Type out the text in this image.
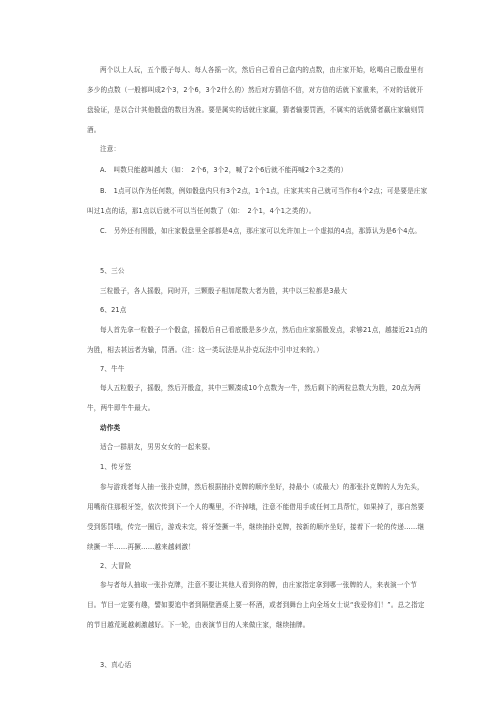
两个以上人玩，五个骰子每人、每人各摇一次，然后自己看自己盒内的点数，由庄家开始，吆喝自己骰盘里有多少的点数（一般都叫成2个3，2个6，3个2什么的）然后对方猜信不信，对方信的话就下家重来，不对的话就开盘验证，是以合计其他骰盘的数目为准。要是属实的话就庄家赢，猜者输要罚酒，不属实的话就猜者赢庄家输则罚酒。

注意：

A.　叫数只能越叫越大（如：　2个6，3个2，喊了2个6后就不能再喊2个3之类的）

B.　1点可以作为任何数，例如骰盘内只有3个2点，1个1点，庄家其实自己就可当作有4个2点；可是要是庄家叫过1点的话，那1点以后就不可以当任何数了（如：　2个1，4个1之类的）。

C.　另外还有围骰，如庄家骰盘里全部都是4点，那庄家可以允许加上一个虚拟的4点，那算认为是6个4点。

5、三公

三粒骰子，各人摇骰，同时开，三颗骰子相加尾数大者为胜，其中以三粒都是3最大

6、21点

每人首先拿一粒骰子一个骰盒，摇骰后自己看底骰是多少点，然后由庄家摇骰发点，求够21点，越接近21点的为胜，相去甚远者为输，罚酒。（注：这一类玩法是从扑克玩法中引申过来的。）

7、牛牛

每人五粒骰子，摇骰，然后开骰盒，其中三颗凑成10个点数为一牛，然后剩下的两粒总数大为胜，20点为两牛，两牛即牛牛最大。

动作类

适合一群朋友，男男女女的一起来耍。

1、传牙签

参与游戏者每人抽一张扑克牌，然后根据抽扑克牌的顺序坐好，持最小（或最大）的那张扑克牌的人为先头，用嘴衔住那根牙签，依次传到下一个人的嘴里，不许掉哦，注意不能借用手或任何工具帮忙，如果掉了，那自然要受到惩罚哦，传完一圈后，游戏未完，将牙签撅一半，继续抽扑克牌，按新的顺序坐好，接着下一轮的传递……继续撅一半……再撅……越来越刺激！

2、大冒险

参与者每人抽取一张扑克牌，注意不要让其他人看到你的牌，由庄家指定拿到哪一张牌的人，来表演一个节目。节目一定要有趣，譬如要追中者到隔壁酒桌上要一杯酒，或者到舞台上向全场女士说“我爱你们！”。总之指定的节目越荒诞越刺激越好。下一轮，由表演节目的人来做庄家，继续抽牌。

3、真心话
